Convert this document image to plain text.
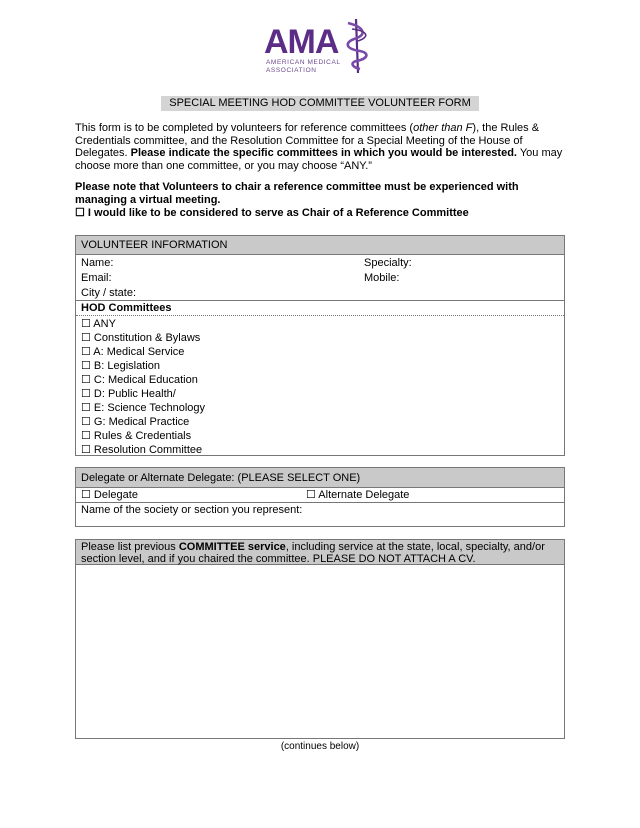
AMA
AMERICAN MEDICAL
ASSOCIATION
SPECIAL MEETING HOD COMMITTEE VOLUNTEER FORM
This form is to be completed by volunteers for reference committees (other than F), the Rules & Credentials committee, and the Resolution Committee for a Special Meeting of the House of Delegates. Please indicate the specific committees in which you would be interested. You may choose more than one committee, or you may choose “ANY.”
Please note that Volunteers to chair a reference committee must be experienced with managing a virtual meeting.
☐ I would like to be considered to serve as Chair of a Reference Committee
VOLUNTEER INFORMATION
Name:	Specialty:
Email:	Mobile:
City / state:
HOD Committees
☐ ANY
☐ Constitution & Bylaws
☐ A: Medical Service
☐ B: Legislation
☐ C: Medical Education
☐ D: Public Health/
☐ E: Science Technology
☐ G: Medical Practice
☐ Rules & Credentials
☐ Resolution Committee
Delegate or Alternate Delegate: (PLEASE SELECT ONE)
☐ Delegate	☐ Alternate Delegate
Name of the society or section you represent:
Please list previous COMMITTEE service, including service at the state, local, specialty, and/or section level, and if you chaired the committee. PLEASE DO NOT ATTACH A CV.
(continues below)
